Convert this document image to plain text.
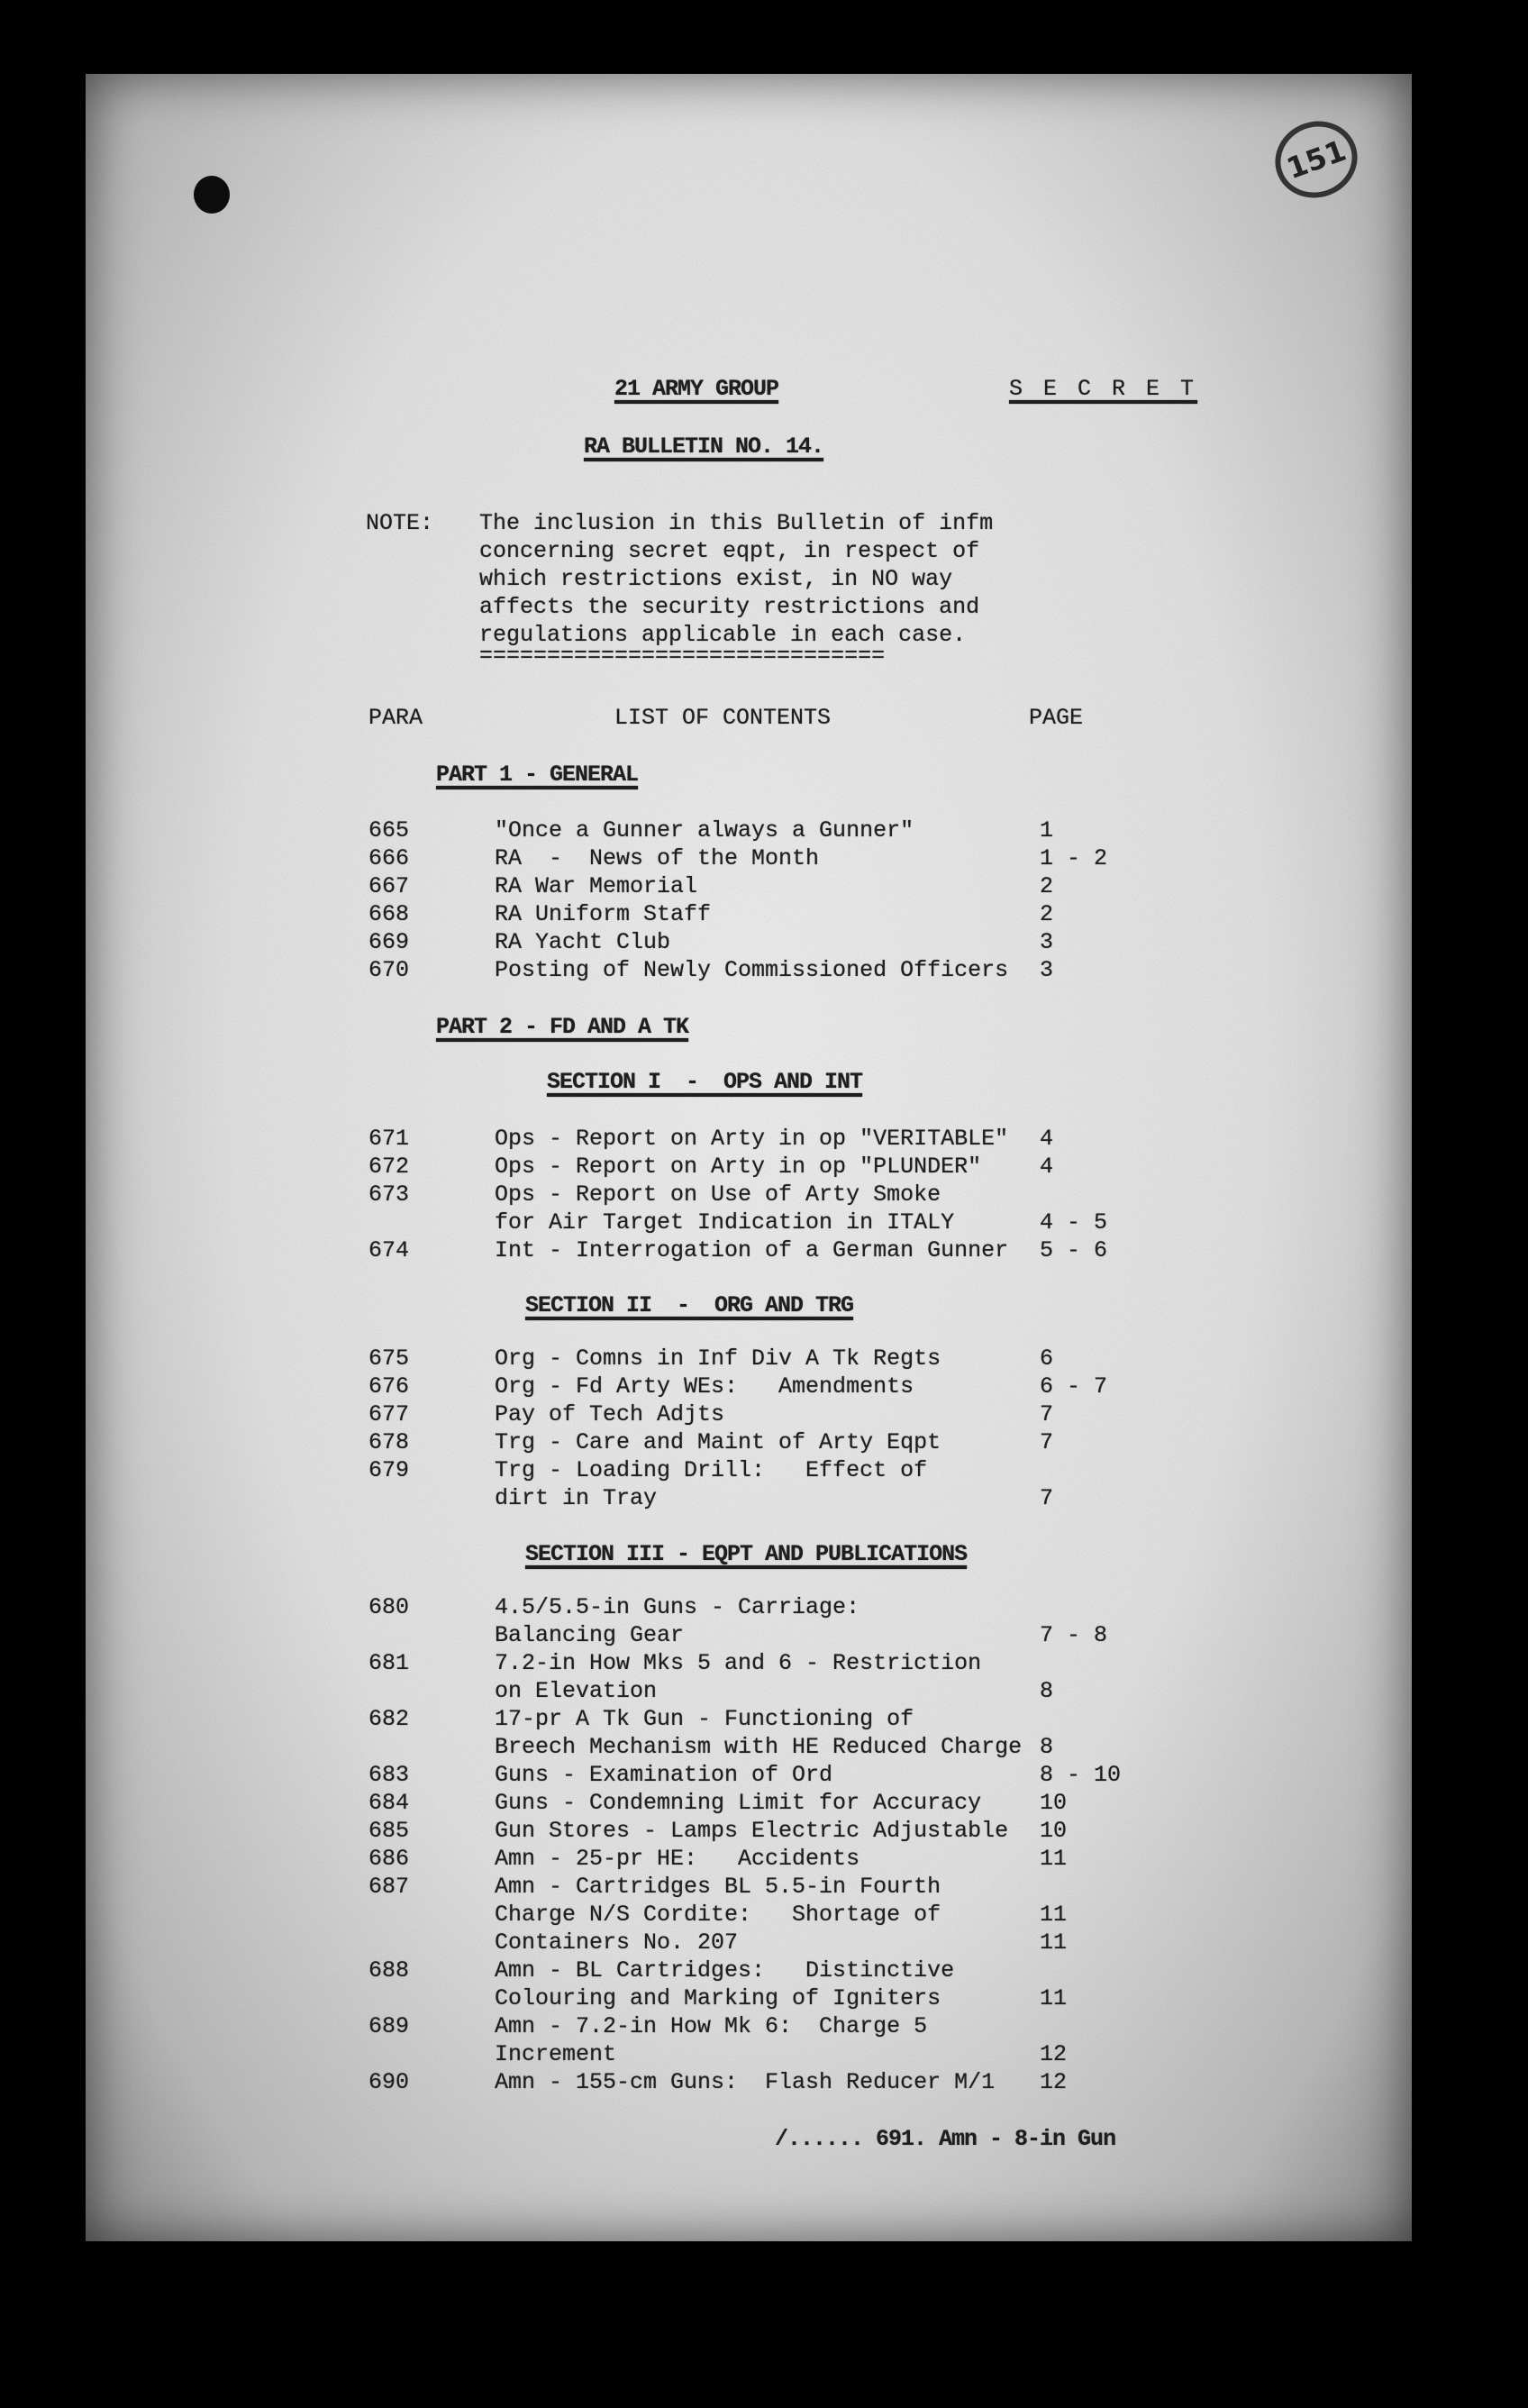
151
21 ARMY GROUP	S E C R E T
RA BULLETIN NO. 14.
NOTE: The inclusion in this Bulletin of infm
concerning secret eqpt, in respect of
which restrictions exist, in NO way
affects the security restrictions and
regulations applicable in each case.
==============================
PARA	LIST OF CONTENTS	PAGE
PART 1 - GENERAL
665	"Once a Gunner always a Gunner"	1
666	RA  -  News of the Month	1 - 2
667	RA War Memorial	2
668	RA Uniform Staff	2
669	RA Yacht Club	3
670	Posting of Newly Commissioned Officers 3
PART 2 - FD AND A TK
SECTION I  -  OPS AND INT
671	Ops - Report on Arty in op "VERITABLE" 4
672	Ops - Report on Arty in op "PLUNDER"	4
673	Ops - Report on Use of Arty Smoke
for Air Target Indication in ITALY	4 - 5
674	Int - Interrogation of a German Gunner 5 - 6
SECTION II  -  ORG AND TRG
675	Org - Comns in Inf Div A Tk Regts	6
676	Org - Fd Arty WEs:   Amendments	6 - 7
677	Pay of Tech Adjts	7
678	Trg - Care and Maint of Arty Eqpt	7
679	Trg - Loading Drill:   Effect of
dirt in Tray	7
SECTION III - EQPT AND PUBLICATIONS
680	4.5/5.5-in Guns - Carriage:
Balancing Gear	7 - 8
681	7.2-in How Mks 5 and 6 - Restriction
on Elevation	8
682	17-pr A Tk Gun - Functioning of
Breech Mechanism with HE Reduced Charge 8
683	Guns - Examination of Ord	8 - 10
684	Guns - Condemning Limit for Accuracy	10
685	Gun Stores - Lamps Electric Adjustable 10
686	Amn - 25-pr HE:   Accidents	11
687	Amn - Cartridges BL 5.5-in Fourth
Charge N/S Cordite:   Shortage of	11
Containers No. 207	11
688	Amn - BL Cartridges:   Distinctive
Colouring and Marking of Igniters	11
689	Amn - 7.2-in How Mk 6:  Charge 5
Increment	12
690	Amn - 155-cm Guns:  Flash Reducer M/1 12
/...... 691. Amn - 8-in Gun
